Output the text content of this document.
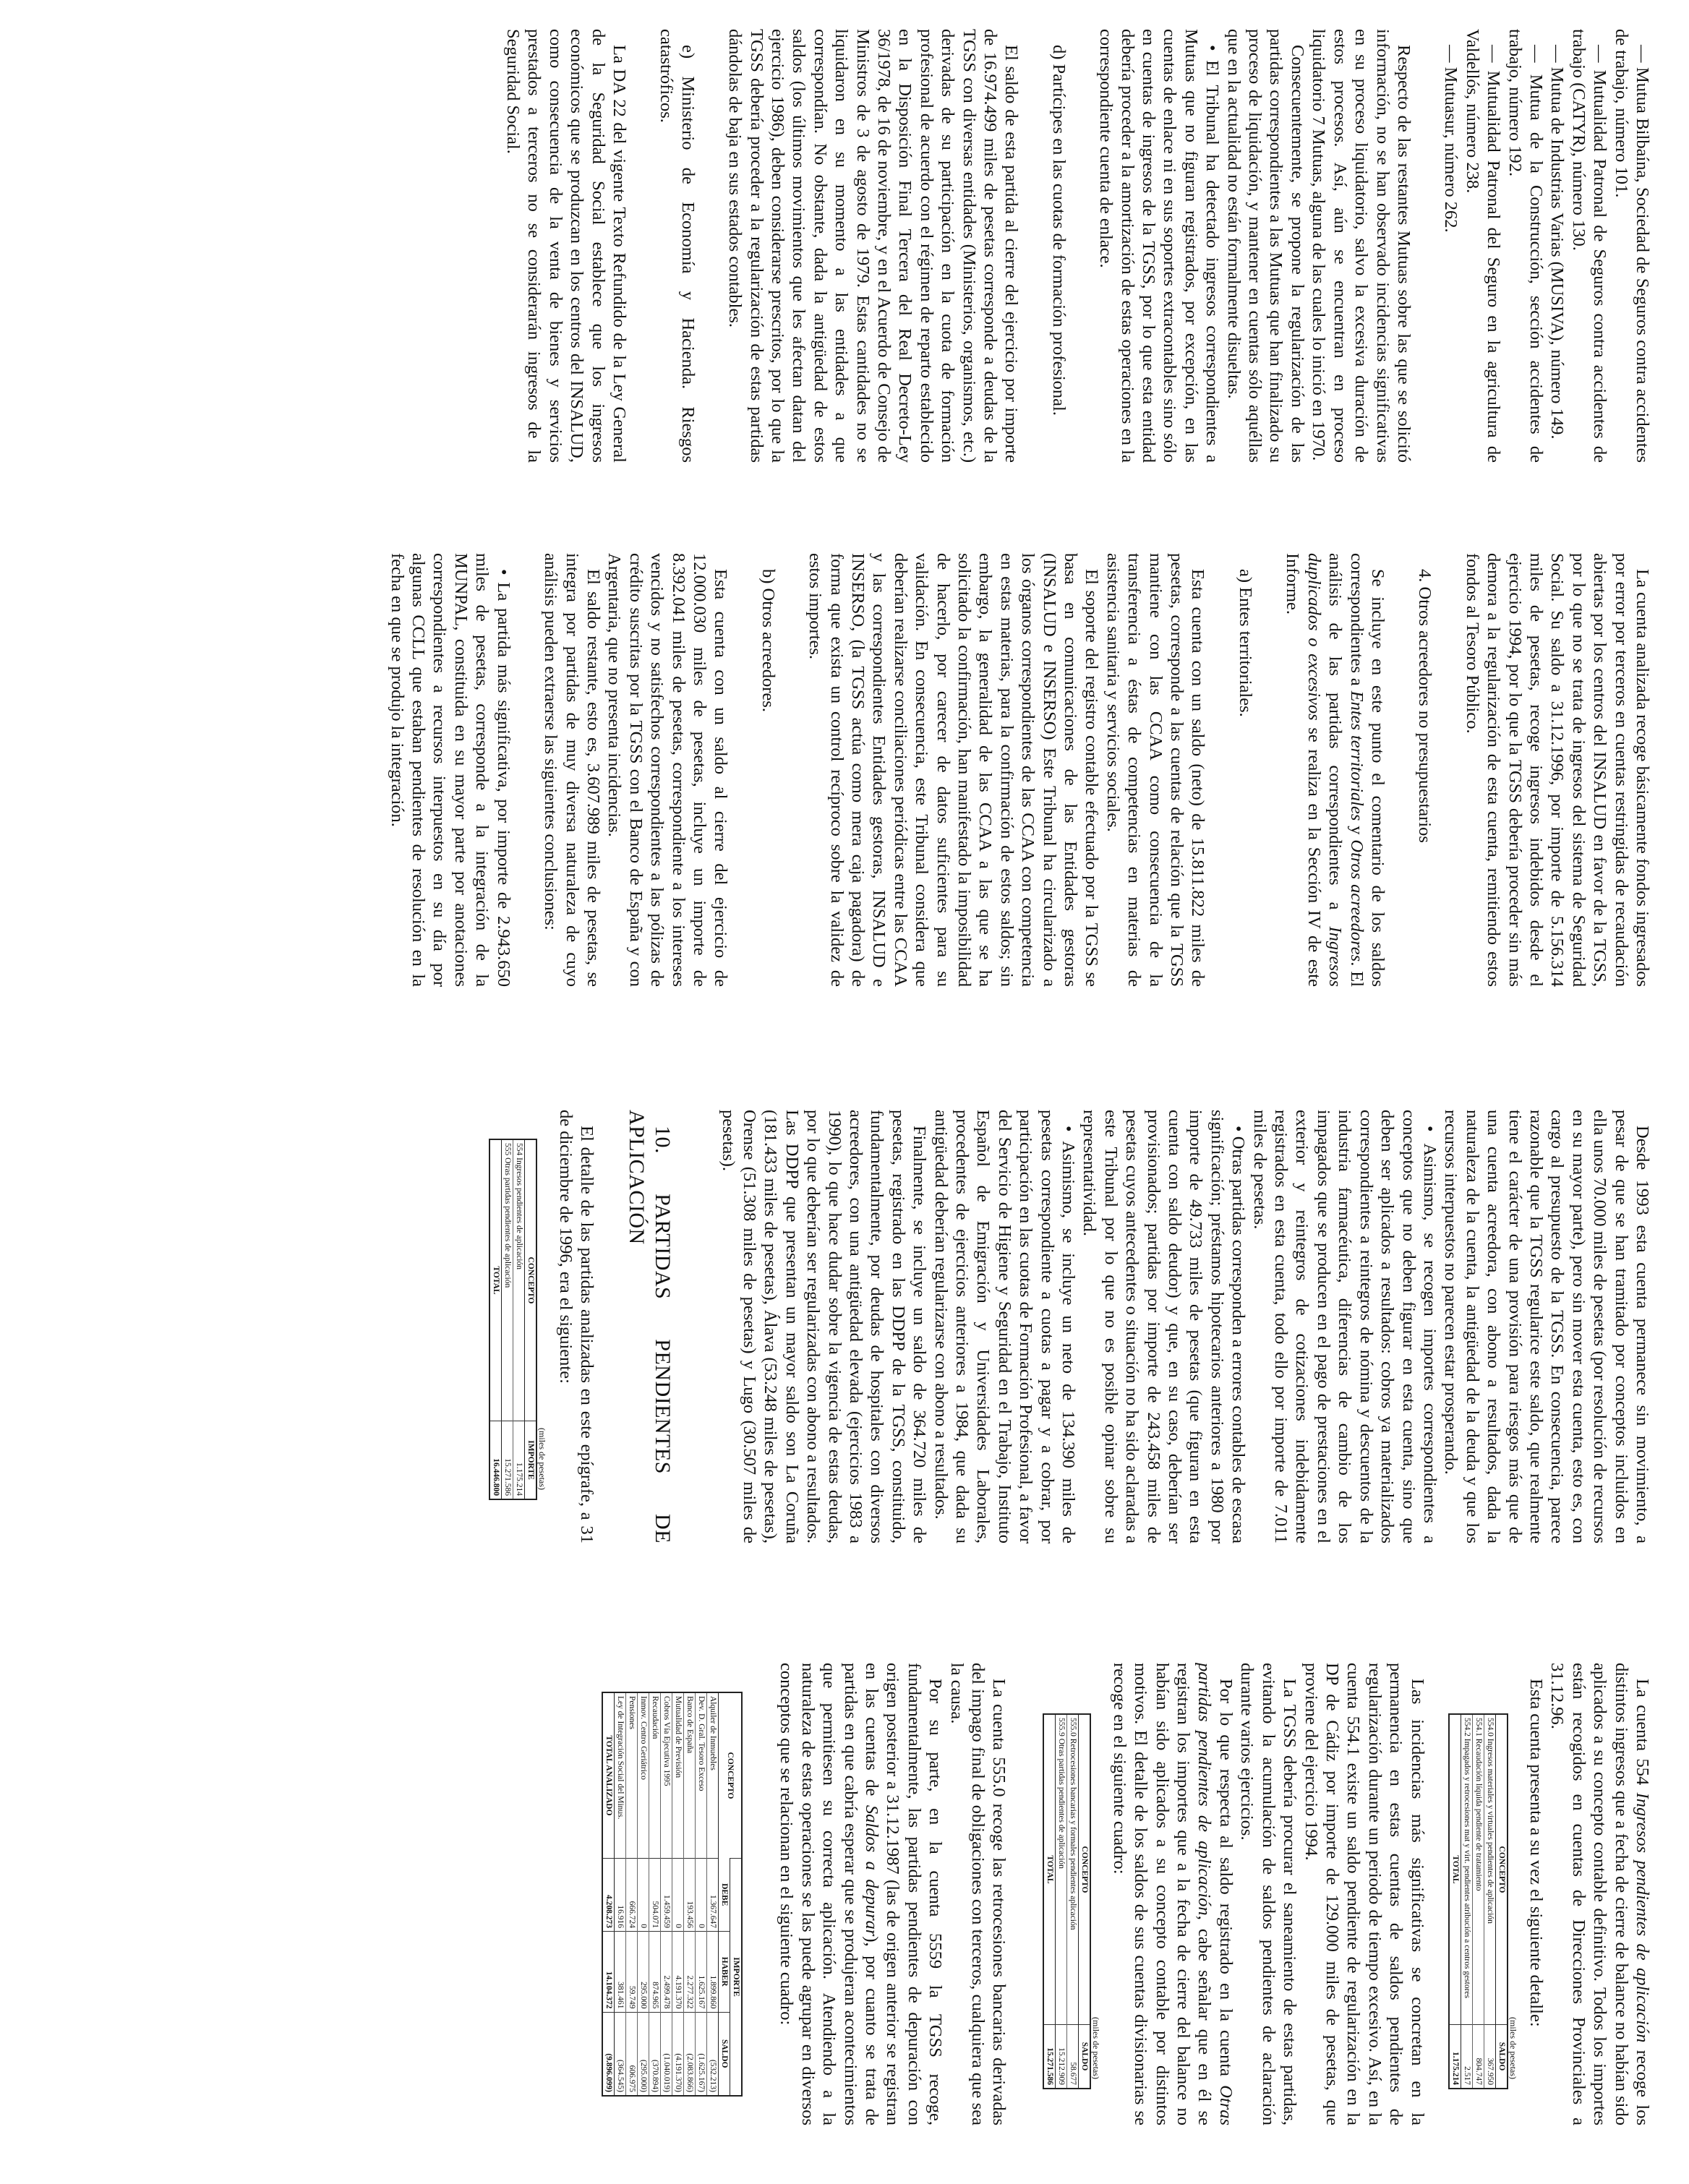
— Mutua Bilbaína, Sociedad de Seguros contra accidentes de trabajo, número 101.

— Mutualidad Patronal de Seguros contra accidentes de trabajo (CATYR), número 130.

— Mutua de Industrias Varias (MUSIVA), número 149.

— Mutua de la Construcción, sección accidentes de trabajo, número 192.

— Mutualidad Patronal del Seguro en la agricultura de Valdellós, número 238.

— Mutuasur, número 262.

Respecto de las restantes Mutuas sobre las que se solicitó información, no se han observado incidencias significativas en su proceso liquidatorio, salvo la excesiva duración de estos procesos. Así, aún se encuentran en proceso liquidatorio 7 Mutuas, alguna de las cuales lo inició en 1970.

Consecuentemente, se propone la regularización de las partidas correspondientes a las Mutuas que han finalizado su proceso de liquidación, y mantener en cuentas sólo aquéllas que en la actualidad no están formalmente disueltas.

• El Tribunal ha detectado ingresos correspondientes a Mutuas que no figuran registrados, por excepción, en las cuentas de enlace ni en sus soportes extracontables sino sólo en cuentas de ingresos de la TGSS, por lo que esta entidad debería proceder a la amortización de estas operaciones en la correspondiente cuenta de enlace.

d) Partícipes en las cuotas de formación profesional.

El saldo de esta partida al cierre del ejercicio por importe de 16.974.499 miles de pesetas corresponde a deudas de la TGSS con diversas entidades (Ministerios, organismos, etc.) derivadas de su participación en la cuota de formación profesional de acuerdo con el régimen de reparto establecido en la Disposición Final Tercera del Real Decreto-Ley 36/1978, de 16 de noviembre, y en el Acuerdo de Consejo de Ministros de 3 de agosto de 1979. Estas cantidades no se liquidaron en su momento a las entidades a que correspondían. No obstante, dada la antigüedad de estos saldos (los últimos movimientos que les afectan datan del ejercicio 1986), deben considerarse prescritos, por lo que la TGSS debería proceder a la regularización de estas partidas dándolas de baja en sus estados contables.

e) Ministerio de Economía y Hacienda. Riesgos catastróficos.

La DA 22 del vigente Texto Refundido de la Ley General de la Seguridad Social establece que los ingresos económicos que se produzcan en los centros del INSALUD, como consecuencia de la venta de bienes y servicios prestados a terceros no se considerarán ingresos de la Seguridad Social.

La cuenta analizada recoge básicamente fondos ingresados por error por terceros en cuentas restringidas de recaudación abiertas por los centros del INSALUD en favor de la TGSS, por lo que no se trata de ingresos del sistema de Seguridad Social. Su saldo a 31.12.1996, por importe de 5.156.314 miles de pesetas, recoge ingresos indebidos desde el ejercicio 1994, por lo que la TGSS debería proceder sin más demora a la regularización de esta cuenta, remitiendo estos fondos al Tesoro Público.

4. Otros acreedores no presupuestarios

Se incluye en este punto el comentario de los saldos correspondientes a Entes territoriales y Otros acreedores. El análisis de las partidas correspondientes a Ingresos duplicados o excesivos se realiza en la Sección IV de este Informe.

a) Entes territoriales.

Esta cuenta con un saldo (neto) de 15.811.822 miles de pesetas, corresponde a las cuentas de relación que la TGSS mantiene con las CCAA como consecuencia de la transferencia a éstas de competencias en materias de asistencia sanitaria y servicios sociales.

El soporte del registro contable efectuado por la TGSS se basa en comunicaciones de las Entidades gestoras (INSALUD e INSERSO) Este Tribunal ha circularizado a los órganos correspondientes de las CCAA con competencia en estas materias, para la confirmación de estos saldos; sin embargo, la generalidad de las CCAA a las que se ha solicitado la confirmación, han manifestado la imposibilidad de hacerlo, por carecer de datos suficientes para su validación. En consecuencia, este Tribunal considera que deberían realizarse conciliaciones periódicas entre las CCAA y las correspondientes Entidades gestoras, INSALUD e INSERSO, (la TGSS actúa como mera caja pagadora) de forma que exista un control recíproco sobre la validez de estos importes.

b) Otros acreedores.

Esta cuenta con un saldo al cierre del ejercicio de 12.000.030 miles de pesetas, incluye un importe de 8.392.041 miles de pesetas, correspondiente a los intereses vencidos y no satisfechos correspondientes a las pólizas de crédito suscritas por la TGSS con el Banco de España y con Argentaria, que no presenta incidencias.

El saldo restante, esto es, 3.607.989 miles de pesetas, se integra por partidas de muy diversa naturaleza de cuyo análisis pueden extraerse las siguientes conclusiones:

• La partida más significativa, por importe de 2.943.650 miles de pesetas, corresponde a la integración de la MUNPAL, constituida en su mayor parte por anotaciones correspondientes a recursos interpuestos en su día por algunas CCLL que estaban pendientes de resolución en la fecha en que se produjo la integración.

Desde 1993 esta cuenta permanece sin movimiento, a pesar de que se han tramitado por conceptos incluidos en ella unos 70.000 miles de pesetas (por resolución de recursos en su mayor parte), pero sin mover esta cuenta, esto es, con cargo al presupuesto de la TGSS. En consecuencia, parece razonable que la TGSS regularice este saldo, que realmente tiene el carácter de una provisión para riesgos más que de una cuenta acreedora, con abono a resultados, dada la naturaleza de la cuenta, la antigüedad de la deuda y que los recursos interpuestos no parecen estar prosperando.

• Asimismo, se recogen importes correspondientes a conceptos que no deben figurar en esta cuenta, sino que deben ser aplicados a resultados: cobros ya materializados correspondientes a reintegros de nómina y descuentos de la industria farmacéutica, diferencias de cambio de los impagados que se producen en el pago de prestaciones en el exterior y reintegros de cotizaciones indebidamente registrados en esta cuenta, todo ello por importe de 7.011 miles de pesetas.

• Otras partidas corresponden a errores contables de escasa significación; préstamos hipotecarios anteriores a 1980 por importe de 49.733 miles de pesetas (que figuran en esta cuenta con saldo deudor) y que, en su caso, deberían ser provisionados; partidas por importe de 243.458 miles de pesetas cuyos antecedentes o situación no ha sido aclaradas a este Tribunal por lo que no es posible opinar sobre su representatividad.

• Asimismo, se incluye un neto de 134.390 miles de pesetas correspondiente a cuotas a pagar y a cobrar, por participación en las cuotas de Formación Profesional, a favor del Servicio de Higiene y Seguridad en el Trabajo, Instituto Español de Emigración y Universidades Laborales, procedentes de ejercicios anteriores a 1984, que dada su antigüedad deberían regularizarse con abono a resultados.

Finalmente, se incluye un saldo de 364.720 miles de pesetas, registrado en las DDPP de la TGSS, constituido, fundamentalmente, por deudas de hospitales con diversos acreedores, con una antigüedad elevada (ejercicios 1983 a 1990), lo que hace dudar sobre la vigencia de estas deudas, por lo que deberían ser regularizadas con abono a resultados. Las DDPP que presentan un mayor saldo son La Coruña (181.433 miles de pesetas), Álava (53.248 miles de pesetas), Orense (51.308 miles de pesetas) y Lugo (30.507 miles de pesetas).

10. PARTIDAS PENDIENTES DE APLICACIÓN

El detalle de las partidas analizadas en este epígrafe, a 31 de diciembre de 1996, era el siguiente:

(miles de pesetas)
CONCEPTO	IMPORTE
554 Ingresos pendientes de aplicación	1.175.214
555 Otras partidas pendientes de aplicación	15.271.586
TOTAL	16.446.800

La cuenta 554 Ingresos pendientes de aplicación recoge los distintos ingresos que a fecha de cierre de balance no habían sido aplicados a su concepto contable definitivo. Todos los importes están recogidos en cuentas de Direcciones Provinciales a 31.12.96.

Esta cuenta presenta a su vez el siguiente detalle:

(miles de pesetas)
CONCEPTO	SALDO
554.0 Ingresos materiales y virtuales pendientes de aplicación	367.950
554.1 Recaudación líquida pendiente de tratamiento	804.747
554.2 Impagados y retrocesiones mat y virt. pendientes atribución a centros gestores	2.517
TOTAL	1.175.214

Las incidencias más significativas se concretan en la permanencia en estas cuentas de saldos pendientes de regularización durante un periodo de tiempo excesivo. Así, en la cuenta 554.1 existe un saldo pendiente de regularización en la DP de Cádiz por importe de 129.000 miles de pesetas, que proviene del ejercicio 1994.

La TGSS debería procurar el saneamiento de estas partidas, evitando la acumulación de saldos pendientes de aclaración durante varios ejercicios.

Por lo que respecta al saldo registrado en la cuenta Otras partidas pendientes de aplicación, cabe señalar que en él se registran los importes que a la fecha de cierre del balance no habían sido aplicados a su concepto contable por distintos motivos. El detalle de los saldos de sus cuentas divisionarias se recoge en el siguiente cuadro:

(miles de pesetas)
CONCEPTO	SALDO
555.0 Retrocesiones bancarias y formales pendientes aplicación	58.677
555.9 Otras partidas pendientes de aplicación	15.212.909
TOTAL	15.271.586

La cuenta 555.0 recoge las retrocesiones bancarias derivadas del impago final de obligaciones con terceros, cualquiera que sea la causa.

Por su parte, en la cuenta 5559 la TGSS recoge, fundamentalmente, las partidas pendientes de depuración con origen posterior a 31.12.1987 (las de origen anterior se registran en las cuentas de Saldos a depurar), por cuanto se trata de partidas en que cabría esperar que se produjeran acontecimientos que permitiesen su correcta aplicación. Atendiendo a la naturaleza de estas operaciones se las puede agrupar en diversos conceptos que se relacionan en el siguiente cuadro:

CONCEPTO	IMPORTE		
	DEBE	HABER	SALDO
Alquiler de Inmuebles	1.367.647	1.899.860	(532.213)
Dev. D. Gral. Tesoro Exceso	0	1.625.167	(1.625.167)
Banco de España	193.456	2.277.322	(2.083.866)
Mutualidad de Previsión	0	4.191.370	(4.191.370)
Cobros Vía Ejecutiva 1995	1.459.459	2.499.478	(1.040.019)
Recaudación	504.071	874.965	(370.894)
Inmov. Centro Geriátrico	0	295.000	(295.000)
Pensiones	666.724	59.749	606.975
Ley de Integración Social del Minus.	16.916	381.461	(364.545)
TOTAL ANALIZADO	4.208.273	14.104.372	(9.896.099)
